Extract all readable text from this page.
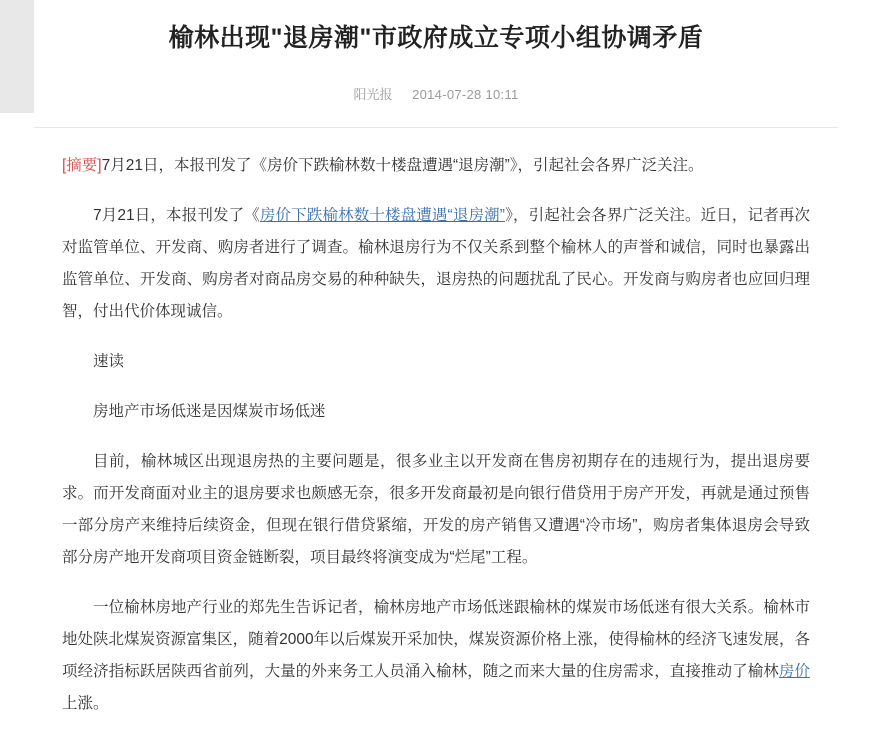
榆林出现"退房潮"市政府成立专项小组协调矛盾
阳光报 2014-07-28 10:11

[摘要]7月21日，本报刊发了《房价下跌榆林数十楼盘遭遇“退房潮”》，引起社会各界广泛关注。

7月21日，本报刊发了《房价下跌榆林数十楼盘遭遇“退房潮”》，引起社会各界广泛关注。近日，记者再次对监管单位、开发商、购房者进行了调查。榆林退房行为不仅关系到整个榆林人的声誉和诚信，同时也暴露出监管单位、开发商、购房者对商品房交易的种种缺失，退房热的问题扰乱了民心。开发商与购房者也应回归理智，付出代价体现诚信。

速读

房地产市场低迷是因煤炭市场低迷

目前，榆林城区出现退房热的主要问题是，很多业主以开发商在售房初期存在的违规行为，提出退房要求。而开发商面对业主的退房要求也颇感无奈，很多开发商最初是向银行借贷用于房产开发，再就是通过预售一部分房产来维持后续资金，但现在银行借贷紧缩，开发的房产销售又遭遇“冷市场”，购房者集体退房会导致部分房产地开发商项目资金链断裂，项目最终将演变成为“烂尾”工程。

一位榆林房地产行业的郑先生告诉记者，榆林房地产市场低迷跟榆林的煤炭市场低迷有很大关系。榆林市地处陕北煤炭资源富集区，随着2000年以后煤炭开采加快，煤炭资源价格上涨，使得榆林的经济飞速发展，各项经济指标跃居陕西省前列，大量的外来务工人员涌入榆林，随之而来大量的住房需求，直接推动了榆林房价上涨。
